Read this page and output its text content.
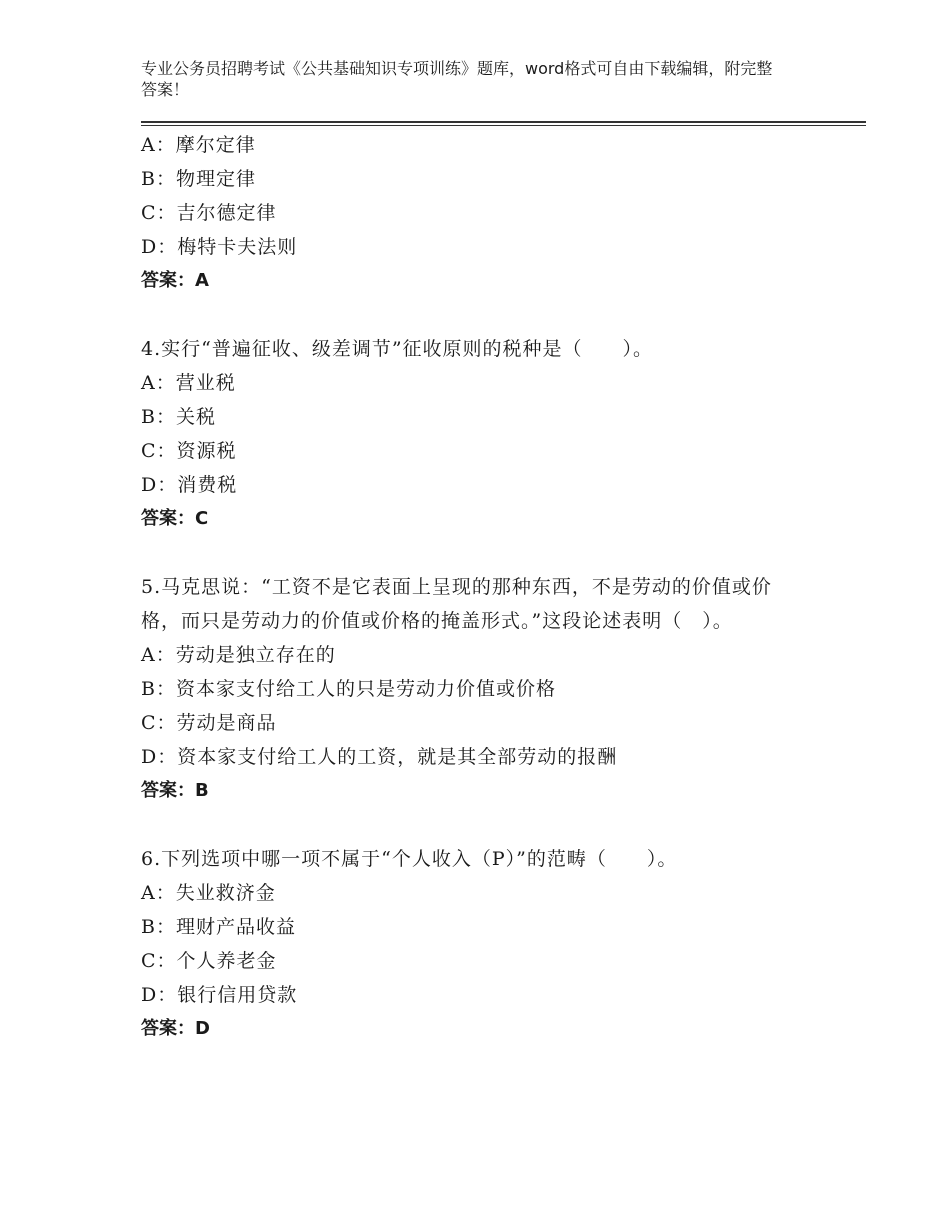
专业公务员招聘考试《公共基础知识专项训练》题库，word格式可自由下载编辑，附完整答案！
A：摩尔定律
B：物理定律
C：吉尔德定律
D：梅特卡夫法则
答案：A
4.实行“普遍征收、级差调节”征收原则的税种是（　　）。
A：营业税
B：关税
C：资源税
D：消费税
答案：C
5.马克思说：“工资不是它表面上呈现的那种东西，不是劳动的价值或价格，而只是劳动力的价值或价格的掩盖形式。”这段论述表明（　）。
A：劳动是独立存在的
B：资本家支付给工人的只是劳动力价值或价格
C：劳动是商品
D：资本家支付给工人的工资，就是其全部劳动的报酬
答案：B
6.下列选项中哪一项不属于“个人收入（P）”的范畴（　　）。
A：失业救济金
B：理财产品收益
C：个人养老金
D：银行信用贷款
答案：D
